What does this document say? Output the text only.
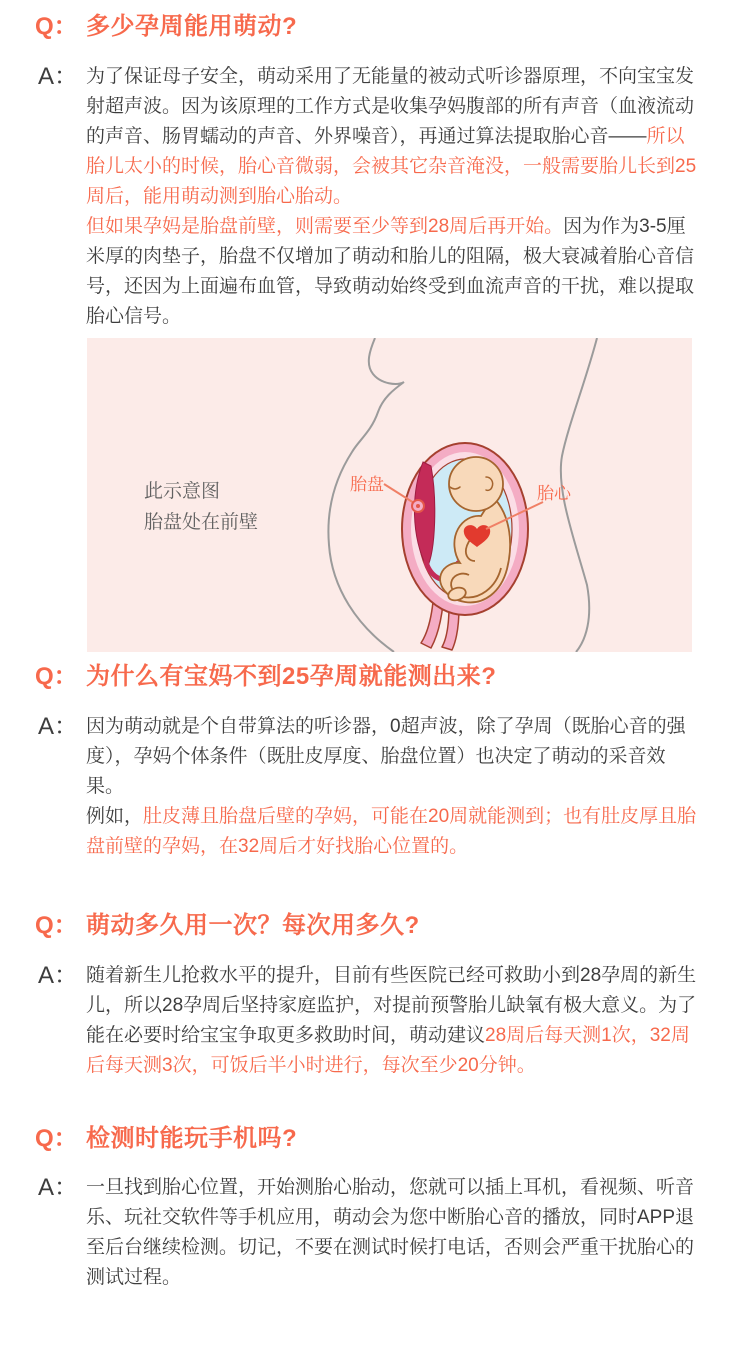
Q： 多少孕周能用萌动?
A： 为了保证母子安全，萌动采用了无能量的被动式听诊器原理，不向宝宝发射超声波。因为该原理的工作方式是收集孕妈腹部的所有声音（血液流动的声音、肠胃蠕动的声音、外界噪音），再通过算法提取胎心音——所以胎儿太小的时候，胎心音微弱，会被其它杂音淹没，一般需要胎儿长到25周后，能用萌动测到胎心胎动。
但如果孕妈是胎盘前壁，则需要至少等到28周后再开始。因为作为3-5厘米厚的肉垫子，胎盘不仅增加了萌动和胎儿的阻隔，极大衰减着胎心音信号，还因为上面遍布血管，导致萌动始终受到血流声音的干扰，难以提取胎心信号。

胎盘	胎心
此示意图
胎盘处在前壁
Q： 为什么有宝妈不到25孕周就能测出来?
A： 因为萌动就是个自带算法的听诊器，0超声波，除了孕周（既胎心音的强度），孕妈个体条件（既肚皮厚度、胎盘位置）也决定了萌动的采音效果。
例如，肚皮薄且胎盘后壁的孕妈，可能在20周就能测到；也有肚皮厚且胎盘前壁的孕妈，在32周后才好找胎心位置的。

Q： 萌动多久用一次？每次用多久?
A： 随着新生儿抢救水平的提升，目前有些医院已经可救助小到28孕周的新生儿，所以28孕周后坚持家庭监护，对提前预警胎儿缺氧有极大意义。为了能在必要时给宝宝争取更多救助时间，萌动建议28周后每天测1次，32周后每天测3次，可饭后半小时进行，每次至少20分钟。

Q： 检测时能玩手机吗?
A： 一旦找到胎心位置，开始测胎心胎动，您就可以插上耳机，看视频、听音乐、玩社交软件等手机应用，萌动会为您中断胎心音的播放，同时APP退至后台继续检测。切记，不要在测试时候打电话，否则会严重干扰胎心的测试过程。
